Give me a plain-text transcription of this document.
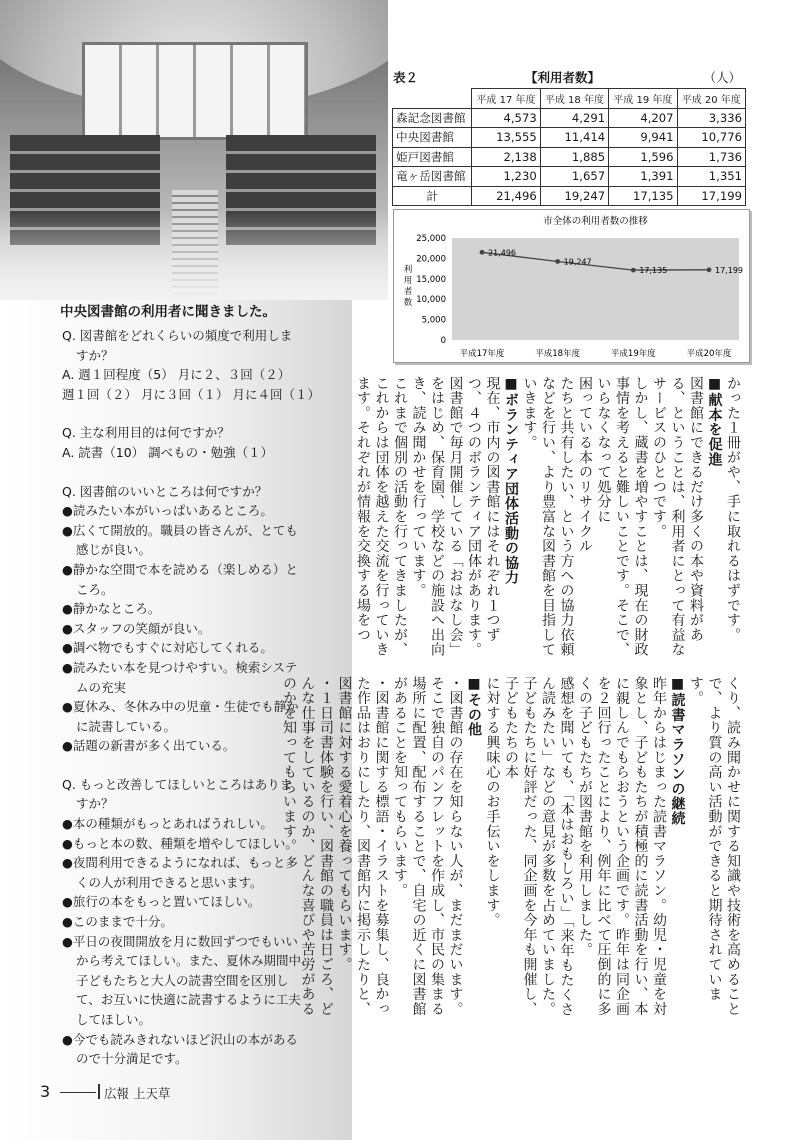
中央図書館の利用者に聞きました。
Q. 図書館をどれくらいの頻度で利用しま
すか？
A. 週１回程度（5） 月に２、３回（２）
週１回（２） 月に３回（１） 月に４回（１）
Q. 主な利用目的は何ですか？
A. 読書（10） 調べもの・勉強（１）
Q. 図書館のいいところは何ですか？
●読みたい本がいっぱいあるところ。
●広くて開放的。職員の皆さんが、とても
感じが良い。
●静かな空間で本を読める（楽しめる）と
ころ。
●静かなところ。
●スタッフの笑顔が良い。
●調べ物でもすぐに対応してくれる。
●読みたい本を見つけやすい。検索システ
ムの充実
●夏休み、冬休み中の児童・生徒でも静か
に読書している。
●話題の新書が多く出ている。
Q. もっと改善してほしいところはありま
すか？
●本の種類がもっとあればうれしい。
●もっと本の数、種類を増やしてほしい。
●夜間利用できるようになれば、もっと多
くの人が利用できると思います。
●旅行の本をもっと置いてほしい。
●このままで十分。
●平日の夜間開放を月に数回ずつでもいい
から考えてほしい。また、夏休み期間中、
子どもたちと大人の読書空間を区別し
て、お互いに快適に読書するように工夫
してほしい。
●今でも読みきれないほど沢山の本がある
ので十分満足です。
表２	【利用者数】	（人）
	平成 17 年度	平成 18 年度	平成 19 年度	平成 20 年度
森記念図書館	4,573	4,291	4,207	3,336
中央図書館	13,555	11,414	9,941	10,776
姫戸図書館	2,138	1,885	1,596	1,736
竜ヶ岳図書館	1,230	1,657	1,391	1,351
計	21,496	19,247	17,135	17,199
市全体の利用者数の推移
25,000
20,000
15,000
10,000
5,000
0
利
用
者
数
21,496
平成17年度
19,247
平成18年度
17,135
平成19年度
17,199
平成20年度
かった１冊がや、手に取れるはずです。
■献本を促進
図書館にできるだけ多くの本や資料がある、ということは、利用者にとって有益なサービスのひとつです。
しかし、蔵書を増やすことは、現在の財政事情を考えると難しいことです。そこで、いらなくなって処分に
困っている本のリサイクル
たちと共有したい、という方への協力依頼などを行い、より豊富な図書館を目指していきます。
■ボランティア団体活動の協力
現在、市内の図書館にはそれぞれ１つずつ、４つのボランティア団体があります。図書館で毎月開催している「おはなし会」をはじめ、保育園、学校などの施設へ出向き、読み聞かせを行っています。
これまで個別の活動を行ってきましたが、これからは団体を越えた交流を行っていきます。それぞれが情報を交換する場をつ
くり、読み聞かせに関する知識や技術を高めることで、より質の高い活動ができると期待されています。
■読書マラソンの継続
昨年からはじまった読書マラソン。幼児・児童を対象とし、子どもたちが積極的に読書活動を行い、本に親しんでもらおうという企画です。昨年は同企画を２回行ったことにより、例年に比べて圧倒的に多くの子どもたちが図書館を利用しました。
感想を聞いても、「本はおもしろい」「来年もたくさん読みたい」などの意見が多数を占めていました。子どもたちに好評だった、同企画を今年も開催し、子どもたちの本
に対する興味心のお手伝いをします。
■その他
・図書館の存在を知らない人が、まだまだいます。そこで独自のパンフレットを作成し、市民の集まる場所に配置、配布することで、自宅の近くに図書館があることを知ってもらいます。
・図書館に関する標語・イラストを募集し、良かった作品はおりにしたり、図書館内に掲示したりと、図書館に対する愛着心を養ってもらいます。
・１日司書体験を行い、図書館の職員は日ごろ、どんな仕事をしているのか、どんな喜びや苦労があるのかを知ってもらいます。
3	広報 上天草
